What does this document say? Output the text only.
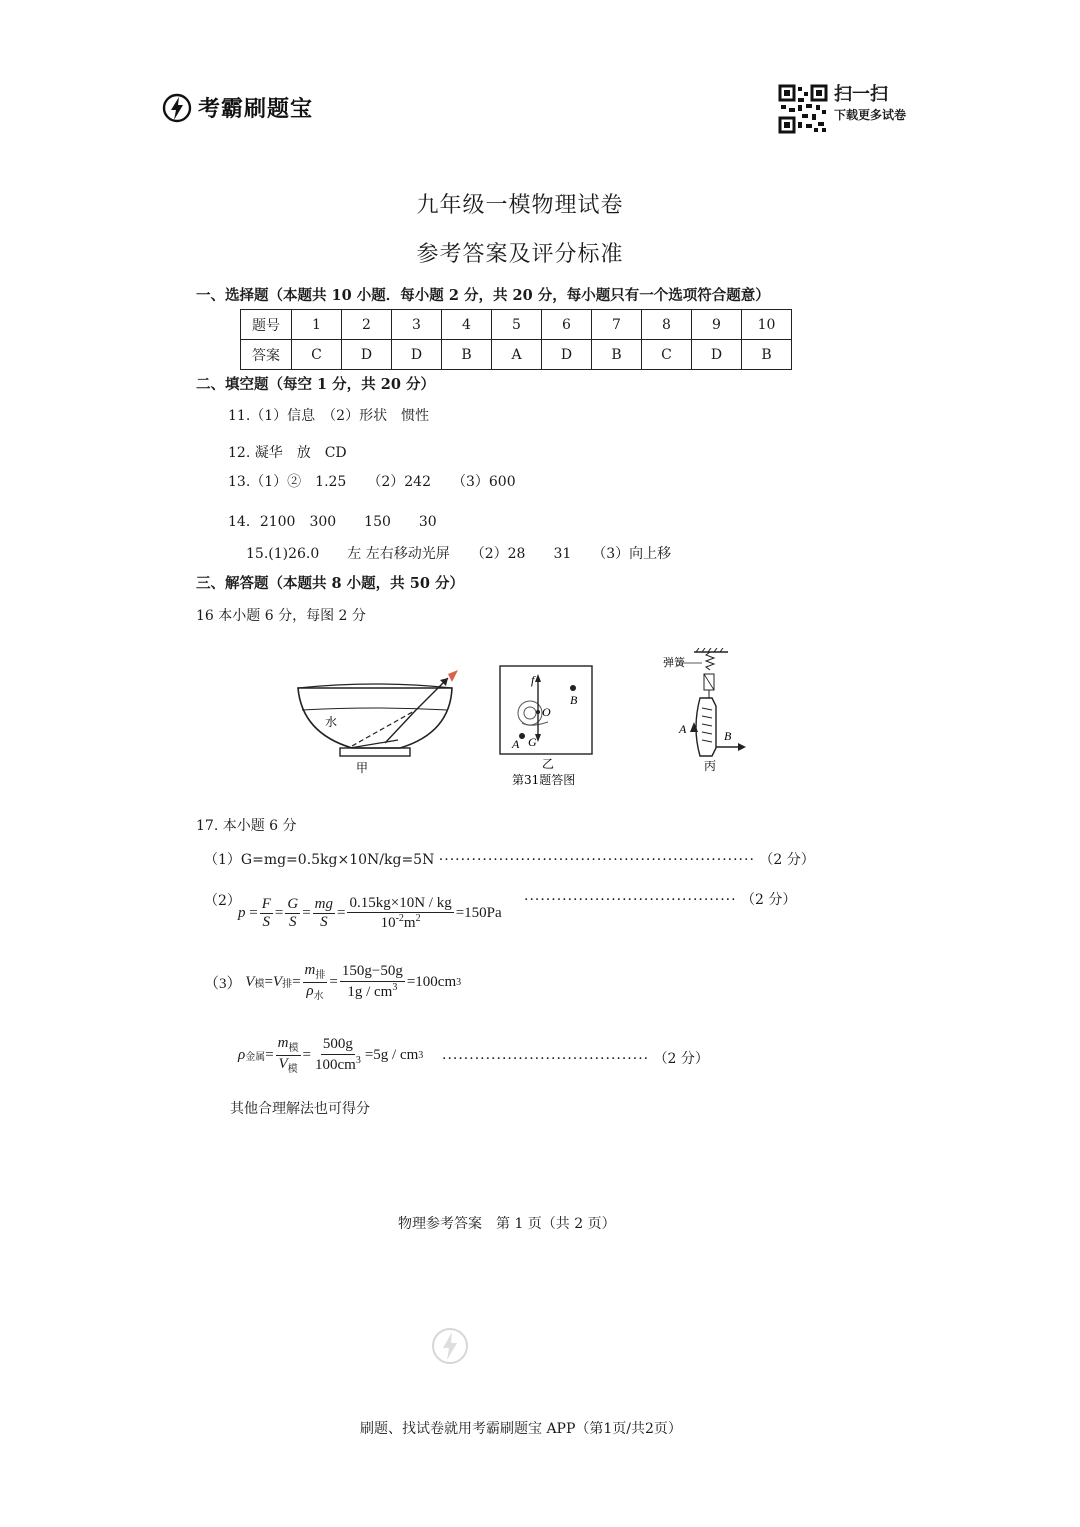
考霸刷题宝
扫一扫
下载更多试卷
九年级一模物理试卷
参考答案及评分标准
一、选择题（本题共 10 小题．每小题 2 分，共 20 分，每小题只有一个选项符合题意）
题号	1	2	3	4	5	6	7	8	9	10
答案	C	D	D	B	A	D	B	C	D	B
二、填空题（每空 1 分，共 20 分）
11.（1）信息　（2）形状　惯性
12. 凝华　放　CD
13.（1）②　1.25　　（2）242　　（3）600
14．2100　300　　150　　30
15.(1)26.0　　左 左右移动光屏　　（2）28　　31　　（3）向上移
三、解答题（本题共 8 小题，共 50 分）
16 本小题 6 分，每图 2 分
水
甲
f
O
G
B
A
乙
第31题答图
弹簧
A	B
丙
17. 本小题 6 分
（1）G=mg=0.5kg×10N/kg=5N ·························································· （2 分）
（2）
p =
F
S
=
G
S
=
mg
S
= $\frac{0.15kg\times 10N / kg}{10^{-2}m^2} =150Pa$
······································· （2 分）
（3）
V 模 = V 排 =
$m_排$
$\rho_水$
= $\frac{150g-50g}{1g / cm^3} =100cm$ 3
ρ 金属 =
$m_模$
$V_模$
= $\frac{500g}{100cm^3} =5g$ / cm 3 ······································ （2 分）
其他合理解法也可得分
物理参考答案　第 1 页（共 2 页）
刷题、找试卷就用考霸刷题宝 APP（第1页/共2页）
